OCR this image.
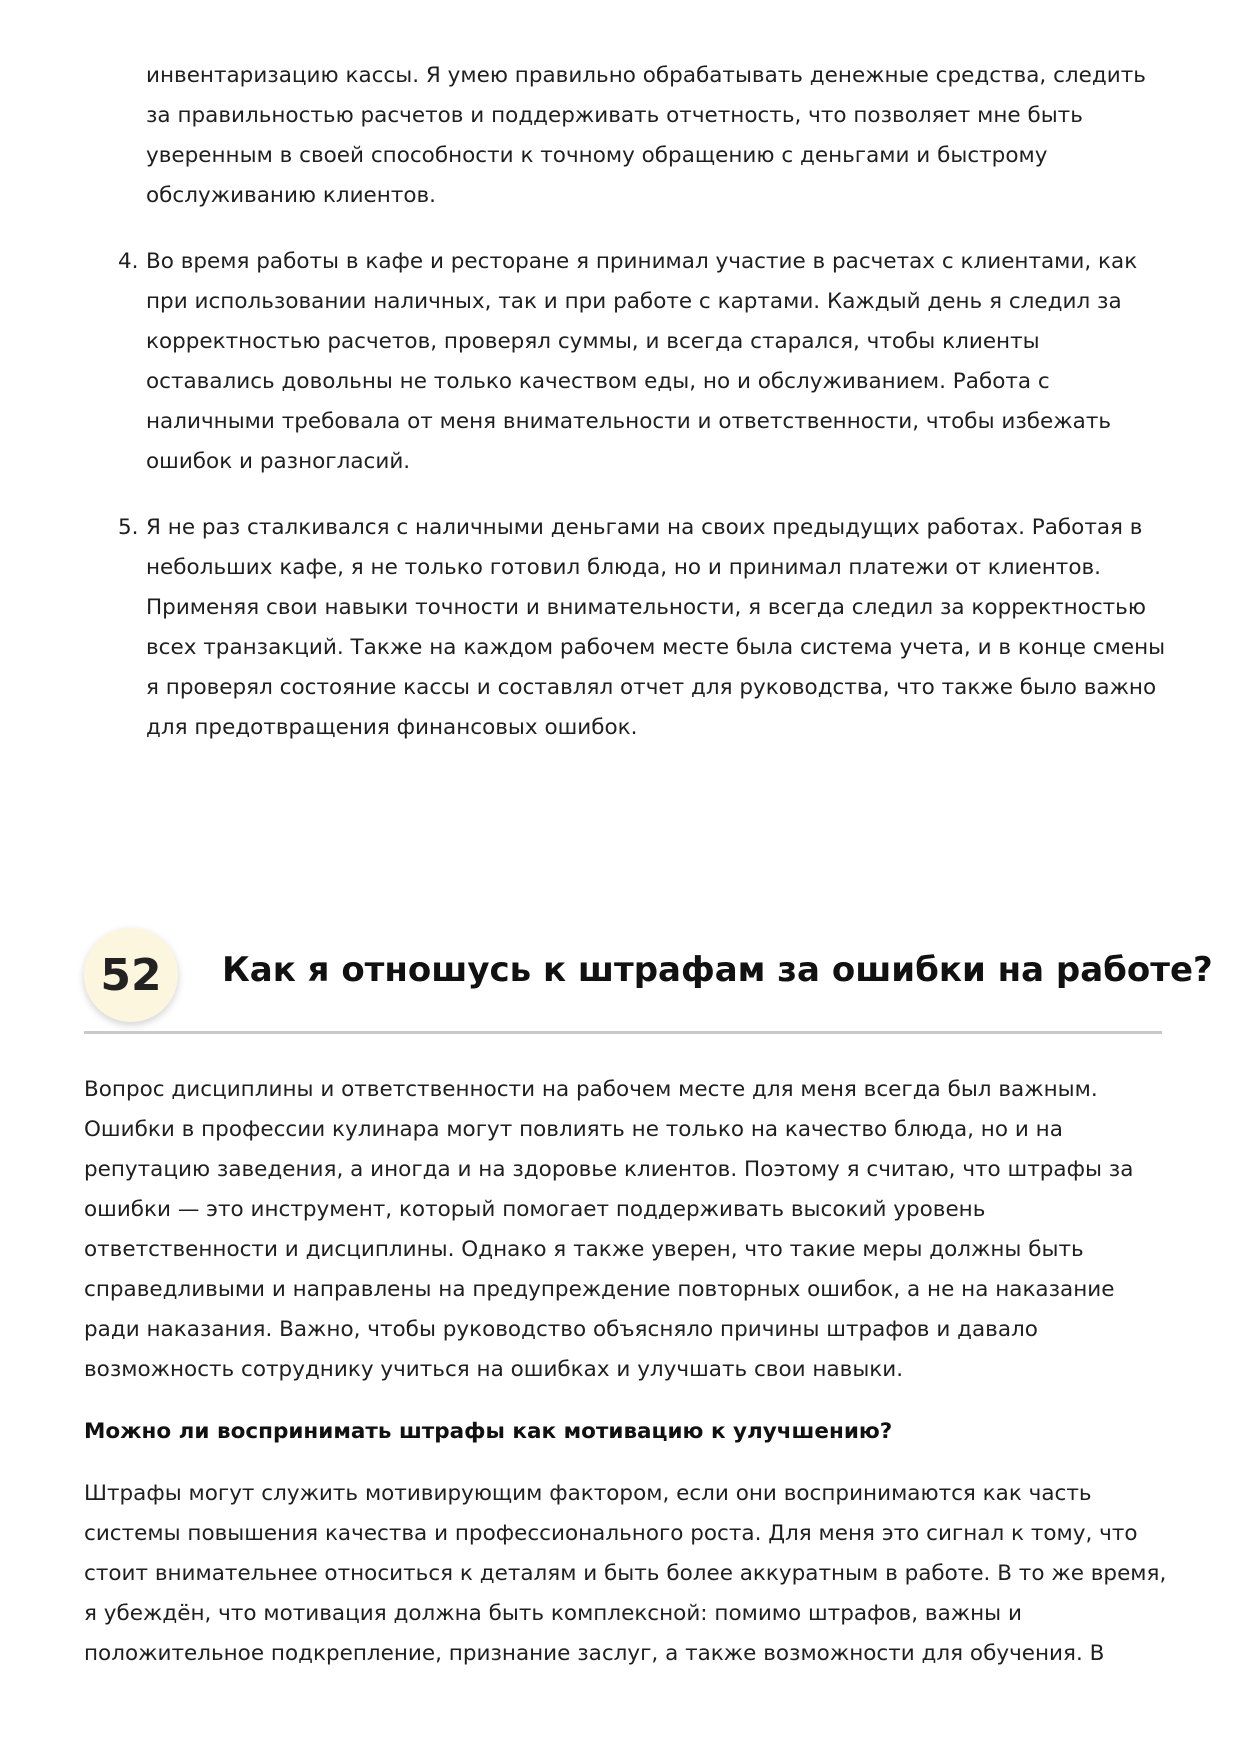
инвентаризацию кассы. Я умею правильно обрабатывать денежные средства, следить за правильностью расчетов и поддерживать отчетность, что позволяет мне быть уверенным в своей способности к точному обращению с деньгами и быстрому обслуживанию клиентов.
4. Во время работы в кафе и ресторане я принимал участие в расчетах с клиентами, как при использовании наличных, так и при работе с картами. Каждый день я следил за корректностью расчетов, проверял суммы, и всегда старался, чтобы клиенты оставались довольны не только качеством еды, но и обслуживанием. Работа с наличными требовала от меня внимательности и ответственности, чтобы избежать ошибок и разногласий.
5. Я не раз сталкивался с наличными деньгами на своих предыдущих работах. Работая в небольших кафе, я не только готовил блюда, но и принимал платежи от клиентов. Применяя свои навыки точности и внимательности, я всегда следил за корректностью всех транзакций. Также на каждом рабочем месте была система учета, и в конце смены я проверял состояние кассы и составлял отчет для руководства, что также было важно для предотвращения финансовых ошибок.
52	Как я отношусь к штрафам за ошибки на работе?

Вопрос дисциплины и ответственности на рабочем месте для меня всегда был важным. Ошибки в профессии кулинара могут повлиять не только на качество блюда, но и на репутацию заведения, а иногда и на здоровье клиентов. Поэтому я считаю, что штрафы за ошибки — это инструмент, который помогает поддерживать высокий уровень ответственности и дисциплины. Однако я также уверен, что такие меры должны быть справедливыми и направлены на предупреждение повторных ошибок, а не на наказание ради наказания. Важно, чтобы руководство объясняло причины штрафов и давало возможность сотруднику учиться на ошибках и улучшать свои навыки.

Можно ли воспринимать штрафы как мотивацию к улучшению?

Штрафы могут служить мотивирующим фактором, если они воспринимаются как часть системы повышения качества и профессионального роста. Для меня это сигнал к тому, что стоит внимательнее относиться к деталям и быть более аккуратным в работе. В то же время, я убеждён, что мотивация должна быть комплексной: помимо штрафов, важны и положительное подкрепление, признание заслуг, а также возможности для обучения. В
